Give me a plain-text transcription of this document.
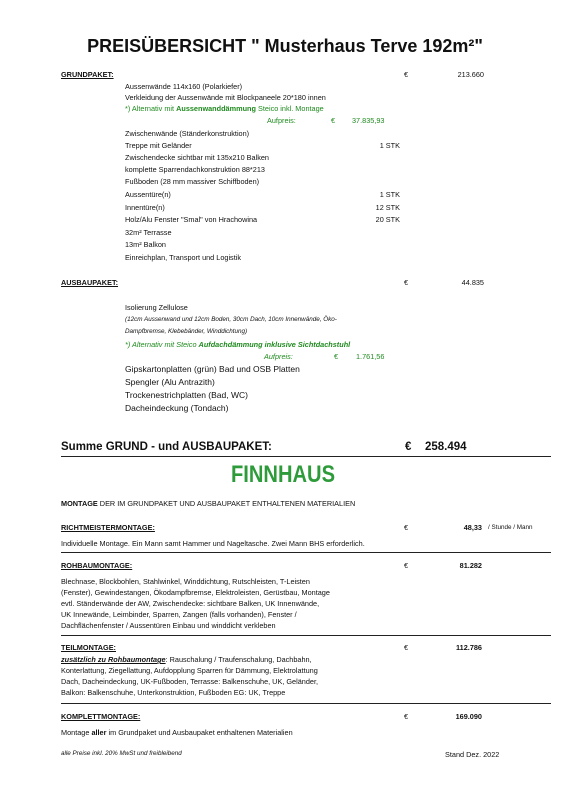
PREISÜBERSICHT " Musterhaus Terve 192m²"
GRUNDPAKET:	€	213.660
Aussenwände 114x160 (Polarkiefer)
Verkleidung der Aussenwände mit Blockpaneele 20*180 innen
*) Alternativ mit Aussenwanddämmung Steico inkl. Montage
Aufpreis:	€ 37.835,93
Zwischenwände (Ständerkonstruktion)
Treppe mit Geländer	1 STK
Zwischendecke sichtbar mit 135x210 Balken
komplette Sparrendachkonstruktion 88*213
Fußboden (28 mm massiver Schiffboden)
Aussentüre(n)	1 STK
Innentüre(n)	12 STK
Holz/Alu Fenster "Smal" von Hrachowina	20 STK
32m² Terrasse
13m² Balkon
Einreichplan, Transport und Logistik
AUSBAUPAKET:	€	44.835
Isolierung Zellulose
(12cm Aussenwand und 12cm Boden, 30cm Dach, 10cm Innenwände, Öko-
Dampfbremse, Klebebänder, Winddichtung)
*) Alternativ mit Steico Aufdachdämmung inklusive Sichtdachstuhl
Aufpreis:	€ 1.761,56
Gipskartonplatten (grün) Bad und OSB Platten
Spengler (Alu Antrazith)
Trockenestrichplatten (Bad, WC)
Dacheindeckung (Tondach)
Summe GRUND - und AUSBAUPAKET:	€ 258.494
FINNHAUS
MONTAGE DER IM GRUNDPAKET UND AUSBAUPAKET ENTHALTENEN MATERIALIEN
RICHTMEISTERMONTAGE:	€	48,33 / Stunde / Mann
Individuelle Montage. Ein Mann samt Hammer und Nageltasche. Zwei Mann BHS erforderlich.
ROHBAUMONTAGE:	€	81.282
Blechnase, Blockbohlen, Stahlwinkel, Winddichtung, Rutschleisten, T-Leisten
(Fenster), Gewindestangen, Ökodampfbremse, Elektroleisten, Gerüstbau, Montage
evtl. Ständerwände der AW, Zwischendecke: sichtbare Balken, UK Innenwände,
UK Innewände, Leimbinder, Sparren, Zangen (falls vorhanden), Fenster /
Dachflächenfenster / Aussentüren Einbau und winddicht verkleben
TEILMONTAGE:	€	112.786
zusätzlich zu Rohbaumontage: Rauschalung / Traufenschalung, Dachbahn,
Konterlattung, Ziegellattung, Aufdopplung Sparren für Dämmung, Elektrolattung
Dach, Dacheindeckung, UK-Fußboden, Terrasse: Balkenschuhe, UK, Geländer,
Balkon: Balkenschuhe, Unterkonstruktion, Fußboden EG: UK, Treppe
KOMPLETTMONTAGE:	€	169.090
Montage aller im Grundpaket und Ausbaupaket enthaltenen Materialien
alle Preise inkl. 20% MwSt und freibleibend	Stand Dez. 2022
